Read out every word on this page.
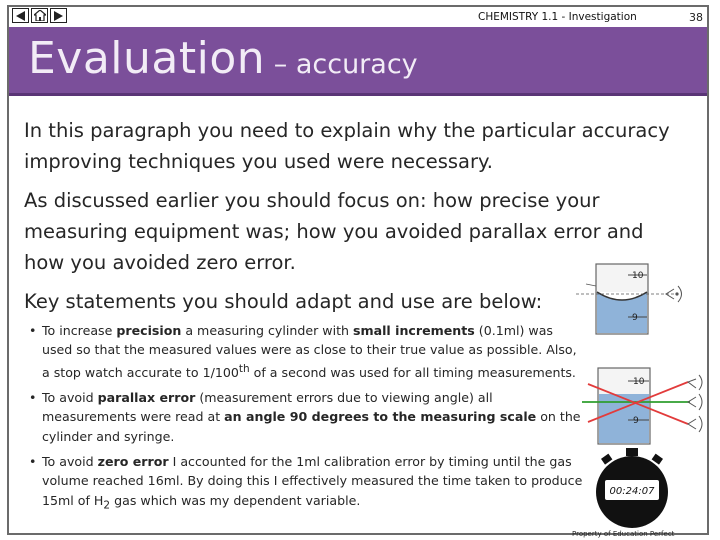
CHEMISTRY 1.1 - Investigation	38
Evaluation – accuracy
In this paragraph you need to explain why the particular accuracy improving techniques you used were necessary.
As discussed earlier you should focus on: how precise your measuring equipment was; how you avoided parallax error and how you avoided zero error.
Key statements you should adapt and use are below:
• To increase precision a measuring cylinder with small increments (0.1ml) was used so that the measured values were as close to their true value as possible. Also, a stop watch accurate to 1/100th of a second was used for all timing measurements.
• To avoid parallax error (measurement errors due to viewing angle) all measurements were read at an angle 90 degrees to the measuring scale on the cylinder and syringe.
• To avoid zero error I accounted for the 1ml calibration error by timing until the gas volume reached 16ml. By doing this I effectively measured the time taken to produce 15ml of $H_2$ gas which was my dependent variable.
10
9
10
9
00:24:07
Property of Education Perfect
